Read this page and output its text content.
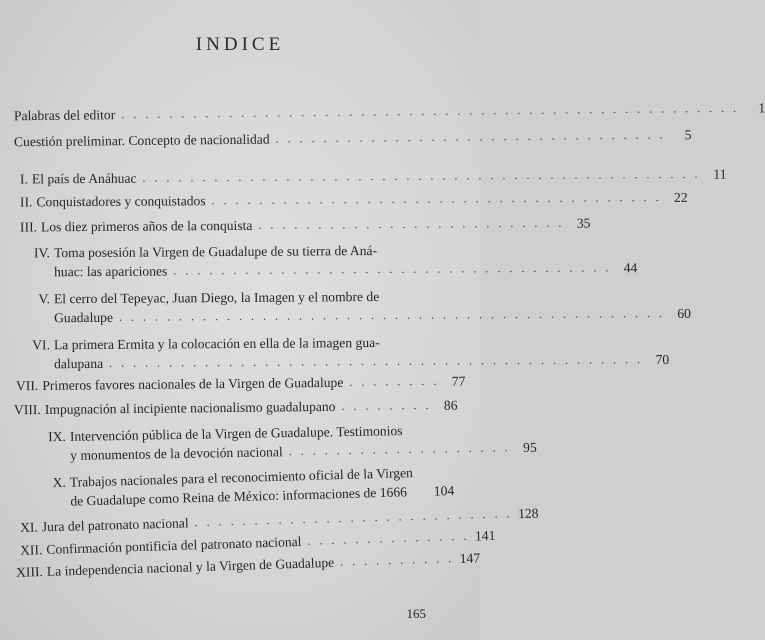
INDICE
Palabras del editor . . . . . . . . . . . . . . . . . . . . . . . . . . . . . . . . . . . . . . . . . . . . . . . . . . . .	1
Cuestión preliminar. Concepto de nacionalidad . . . . . . . . . . . . . . . . . . . . . . . . . . . . . . . . .	5
I. El país de Anáhuac . . . . . . . . . . . . . . . . . . . . . . . . . . . . . . . . . . . . . . . . . . . . . . . 11
II. Conquistadores y conquistados . . . . . . . . . . . . . . . . . . . . . . . . . . . . . . . . . . . . . . 22
III. Los diez primeros años de la conquista . . . . . . . . . . . . . . . . . . . . . . . . . . 35
IV. Toma posesión la Virgen de Guadalupe de su tierra de Aná-
huac: las apariciones . . . . . . . . . . . . . . . . . . . . . . . . . . . . . . . . . . . . . 44
V. El cerro del Tepeyac, Juan Diego, la Imagen y el nombre de
Guadalupe . . . . . . . . . . . . . . . . . . . . . . . . . . . . . . . . . . . . . . . . . . . . . . 60
VI. La primera Ermita y la colocación en ella de la imagen gua-
dalupana . . . . . . . . . . . . . . . . . . . . . . . . . . . . . . . . . . . . . . . . . . . . . 70
VII. Primeros favores nacionales de la Virgen de Guadalupe . . . . . . . . 77
VIII. Impugnación al incipiente nacionalismo guadalupano . . . . . . . . 86
IX. Intervención pública de la Virgen de Guadalupe. Testimonios
y monumentos de la devoción nacional . . . . . . . . . . . . . . . . . . . 95
X. Trabajos nacionales para el reconocimiento oficial de la Virgen
de Guadalupe como Reina de México: informaciones de 1666 104
XI. Jura del patronato nacional . . . . . . . . . . . . . . . . . . . . . . . . . . . 128
XII. Confirmación pontificia del patronato nacional . . . . . . . . . . . . . . 141
XIII. La independencia nacional y la Virgen de Guadalupe . . . . . . . . . . 147
165
